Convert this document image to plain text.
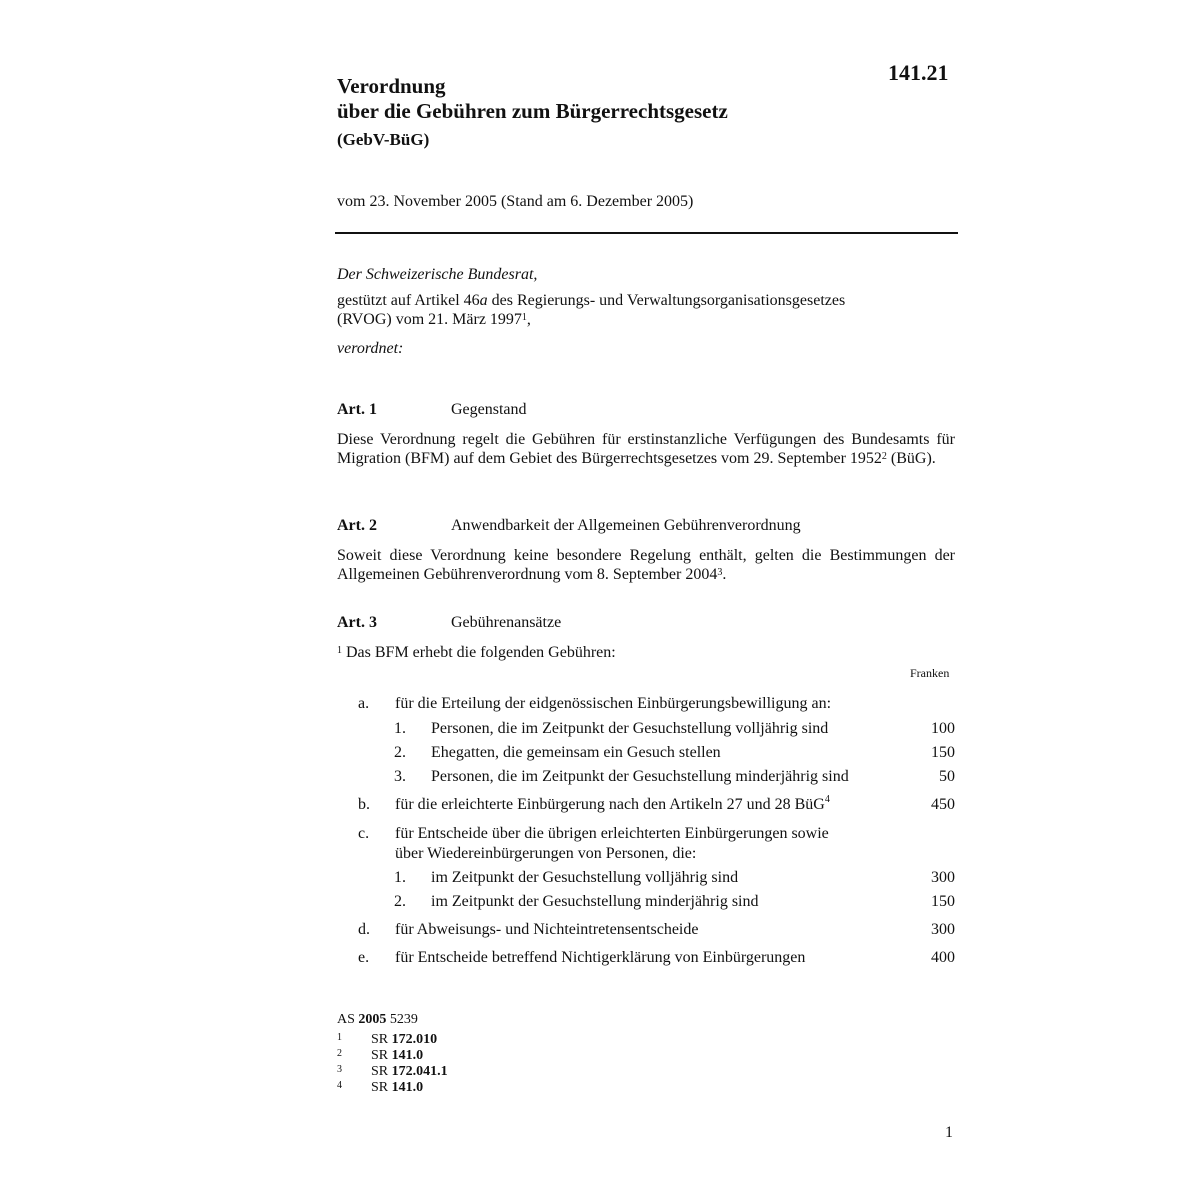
141.21
Verordnung
über die Gebühren zum Bürgerrechtsgesetz
(GebV-BüG)
vom 23. November 2005 (Stand am 6. Dezember 2005)
Der Schweizerische Bundesrat,
gestützt auf Artikel 46a des Regierungs- und Verwaltungsorganisationsgesetzes
(RVOG) vom 21. März 1997$^1$,
verordnet:
Art. 1	Gegenstand
Diese Verordnung regelt die Gebühren für erstinstanzliche Verfügungen des Bundesamts für Migration (BFM) auf dem Gebiet des Bürgerrechtsgesetzes vom 29. September 1952$^2$ (BüG).
Art. 2	Anwendbarkeit der Allgemeinen Gebührenverordnung
Soweit diese Verordnung keine besondere Regelung enthält, gelten die Bestimmungen der Allgemeinen Gebührenverordnung vom 8. September 2004$^3$.
Art. 3	Gebührenansätze
$^1$ Das BFM erhebt die folgenden Gebühren:
Franken
a. für die Erteilung der eidgenössischen Einbürgerungsbewilligung an:
1. Personen, die im Zeitpunkt der Gesuchstellung volljährig sind	100
2. Ehegatten, die gemeinsam ein Gesuch stellen	150
3. Personen, die im Zeitpunkt der Gesuchstellung minderjährig sind	50
b. für die erleichterte Einbürgerung nach den Artikeln 27 und 28 BüG$^4$	450
c. für Entscheide über die übrigen erleichterten Einbürgerungen sowie
über Wiedereinbürgerungen von Personen, die:
1. im Zeitpunkt der Gesuchstellung volljährig sind	300
2. im Zeitpunkt der Gesuchstellung minderjährig sind	150
d. für Abweisungs- und Nichteintretensentscheide	300
e. für Entscheide betreffend Nichtigerklärung von Einbürgerungen	400
AS 2005 5239
1 SR 172.010
2 SR 141.0
3 SR 172.041.1
4 SR 141.0
1
